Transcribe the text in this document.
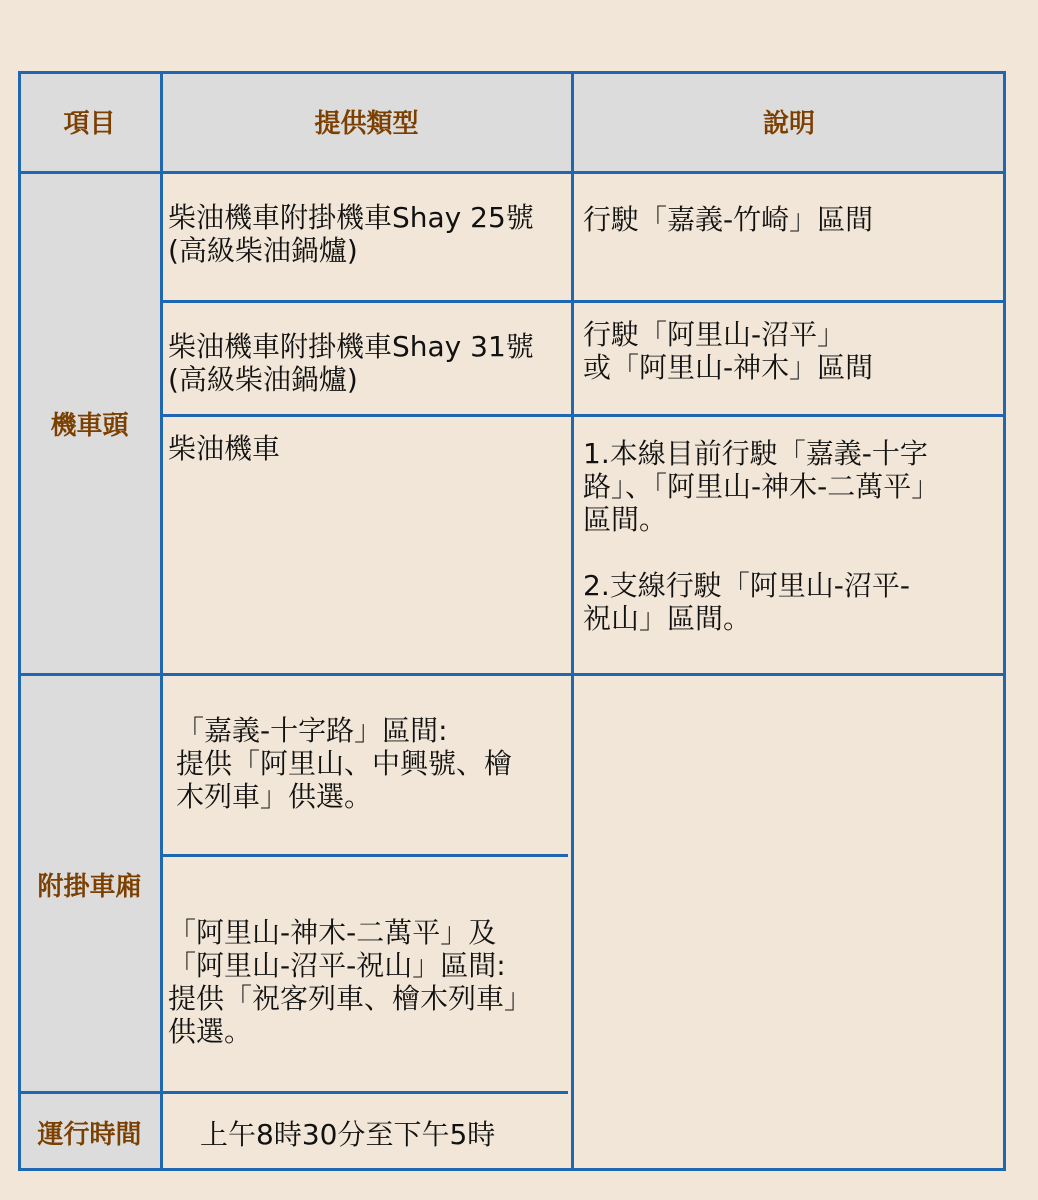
項目	提供類型	說明
機車頭
附掛車廂
運行時間
柴油機車附掛機車Shay 25號
(高級柴油鍋爐)
柴油機車附掛機車Shay 31號
(高級柴油鍋爐)
柴油機車
行駛「嘉義-竹崎」區間
行駛「阿里山-沼平」
或「阿里山-神木」區間
1.本線目前行駛「嘉義-十字
路」、「阿里山-神木-二萬平」
區間。

2.支線行駛「阿里山-沼平-
祝山」區間。
「嘉義-十字路」區間:
提供「阿里山、中興號、檜
木列車」供選。
「阿里山-神木-二萬平」及
「阿里山-沼平-祝山」區間:
提供「祝客列車、檜木列車」
供選。
上午8時30分至下午5時
